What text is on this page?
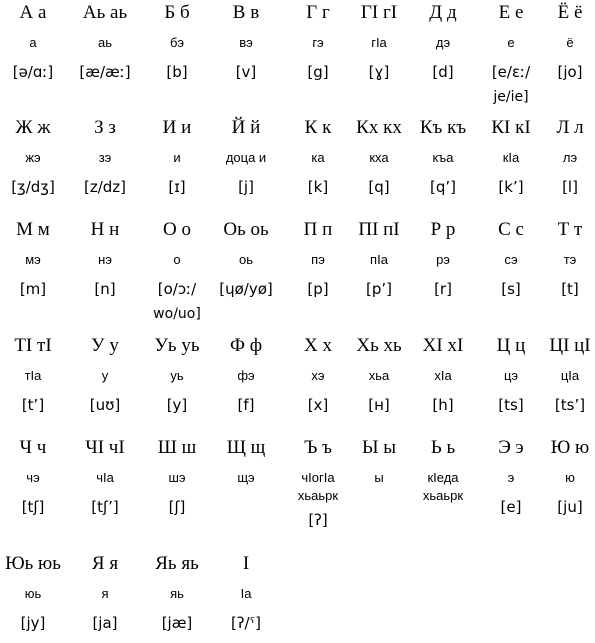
А а
а
[ə/ɑː]
Аь аь
аь
[æ/æː]
Б б
бэ
[b]
В в
вэ
[v]
Г г
гэ
[g]
ГI гI
гIа
[ɣ]
Д д
дэ
[d]
Е е
е
[e/ɛː/
je/ie]
Ё ё
ё
[jo]
Ж ж
жэ
[ʒ/dʒ]
З з
зэ
[z/dz]
И и
и
[ɪ]
Й й
доца и
[j]
К к
ка
[k]
Кх кх
кха
[q]
Къ къ
къа
[q’]
КI кI
кIа
[k’]
Л л
лэ
[l]
М м
мэ
[m]
Н н
нэ
[n]
О о
о
[o/ɔː/
wo/uo]
Оь оь
оь
[ɥø/yø]
П п
пэ
[p]
ПI пI
пIа
[p’]
Р р
рэ
[r]
С с
сэ
[s]
Т т
тэ
[t]
ТI тI
тIа
[t’]
У у
у
[uʊ]
Уь уь
уь
[y]
Ф ф
фэ
[f]
Х х
хэ
[x]
Хь хь
хьа
[ʜ]
ХI хI
хIа
[h]
Ц ц
цэ
[ts]
ЦI цI
цIа
[ts’]
Ч ч
чэ
[tʃ]
ЧI чI
чIа
[tʃ’]
Ш ш
шэ
[ʃ]
Щ щ
щэ
Ъ ъ
чIогIа
хьаьрк
[ʔ]
Ы ы
ы
Ь ь
кIеда
хьаьрк
Э э
э
[e]
Ю ю
ю
[ju]
Юь юь
юь
[jy]
Я я
я
[ja]
Яь яь
яь
[jæ]
I
Iа
[ʔ/ˤ]
